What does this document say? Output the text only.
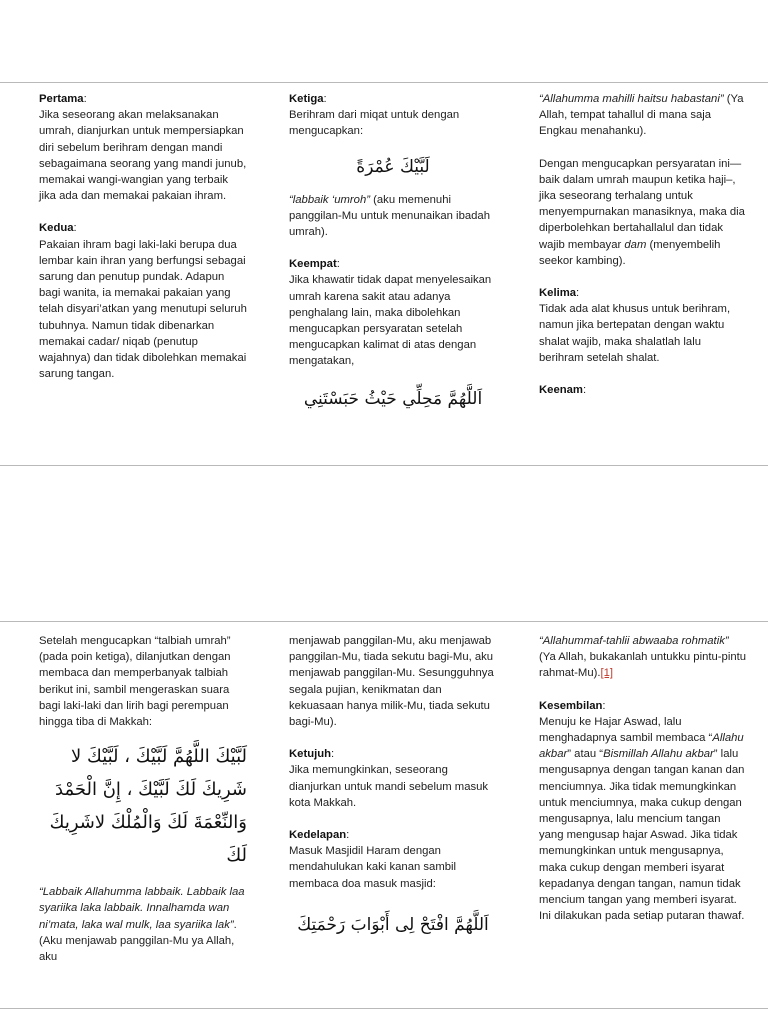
Pertama:
Jika seseorang akan melaksanakan umrah, dianjurkan untuk mempersiapkan diri sebelum berihram dengan mandi sebagaimana seorang yang mandi junub, memakai wangi-wangian yang terbaik jika ada dan memakai pakaian ihram.

Kedua:
Pakaian ihram bagi laki-laki berupa dua lembar kain ihran yang berfungsi sebagai sarung dan penutup pundak. Adapun bagi wanita, ia memakai pakaian yang telah disyari’atkan yang menutupi seluruh tubuhnya. Namun tidak dibenarkan memakai cadar/ niqab (penutup wajahnya) dan tidak dibolehkan memakai sarung tangan.

Ketiga:
Berihram dari miqat untuk dengan mengucapkan:

لَبَّيْكَ عُمْرَةً

“labbaik ‘umroh” (aku memenuhi panggilan-Mu untuk menunaikan ibadah umrah).

Keempat:
Jika khawatir tidak dapat menyelesaikan umrah karena sakit atau adanya penghalang lain, maka dibolehkan mengucapkan persyaratan setelah mengucapkan kalimat di atas dengan mengatakan,

اَللَّهُمَّ مَحِلِّي حَيْثُ حَبَسْتَنِي

“Allahumma mahilli haitsu habastani” (Ya Allah, tempat tahallul di mana saja Engkau menahanku).

Dengan mengucapkan persyaratan ini—baik dalam umrah maupun ketika haji–, jika seseorang terhalang untuk menyempurnakan manasiknya, maka dia diperbolehkan bertahallalul dan tidak wajib membayar dam (menyembelih seekor kambing).

Kelima:
Tidak ada alat khusus untuk berihram, namun jika bertepatan dengan waktu shalat wajib, maka shalatlah lalu berihram setelah shalat.

Keenam:

Setelah mengucapkan “talbiah umrah” (pada poin ketiga), dilanjutkan dengan membaca dan memperbanyak talbiah berikut ini, sambil mengeraskan suara bagi laki-laki dan lirih bagi perempuan hingga tiba di Makkah:

لَبَّيْكَ اللَّهُمَّ لَبَّيْكَ ، لَبَّيْكَ لا شَرِيكَ لَكَ لَبَّيْكَ ، إِنَّ الْحَمْدَ وَالنِّعْمَةَ لَكَ وَالْمُلْكَ لاشَرِيكَ لَكَ

“Labbaik Allahumma labbaik. Labbaik laa syariika laka labbaik. Innalhamda wan ni’mata, laka wal mulk, laa syariika lak”. (Aku menjawab panggilan-Mu ya Allah, aku

menjawab panggilan-Mu, aku menjawab panggilan-Mu, tiada sekutu bagi-Mu, aku menjawab panggilan-Mu. Sesungguhnya segala pujian, kenikmatan dan kekuasaan hanya milik-Mu, tiada sekutu bagi-Mu).

Ketujuh:
Jika memungkinkan, seseorang dianjurkan untuk mandi sebelum masuk kota Makkah.

Kedelapan:
Masuk Masjidil Haram dengan mendahulukan kaki kanan sambil membaca doa masuk masjid:

اَللَّهُمَّ افْتَحْ لِى أَبْوَابَ رَحْمَتِكَ

“Allahummaf-tahlii abwaaba rohmatik” (Ya Allah, bukakanlah untukku pintu-pintu rahmat-Mu).[1]

Kesembilan:
Menuju ke Hajar Aswad, lalu menghadapnya sambil membaca “Allahu akbar” atau “Bismillah Allahu akbar” lalu mengusapnya dengan tangan kanan dan menciumnya. Jika tidak memungkinkan untuk menciumnya, maka cukup dengan mengusapnya, lalu mencium tangan yang mengusap hajar Aswad. Jika tidak memungkinkan untuk mengusapnya, maka cukup dengan memberi isyarat kepadanya dengan tangan, namun tidak mencium tangan yang memberi isyarat. Ini dilakukan pada setiap putaran thawaf.
